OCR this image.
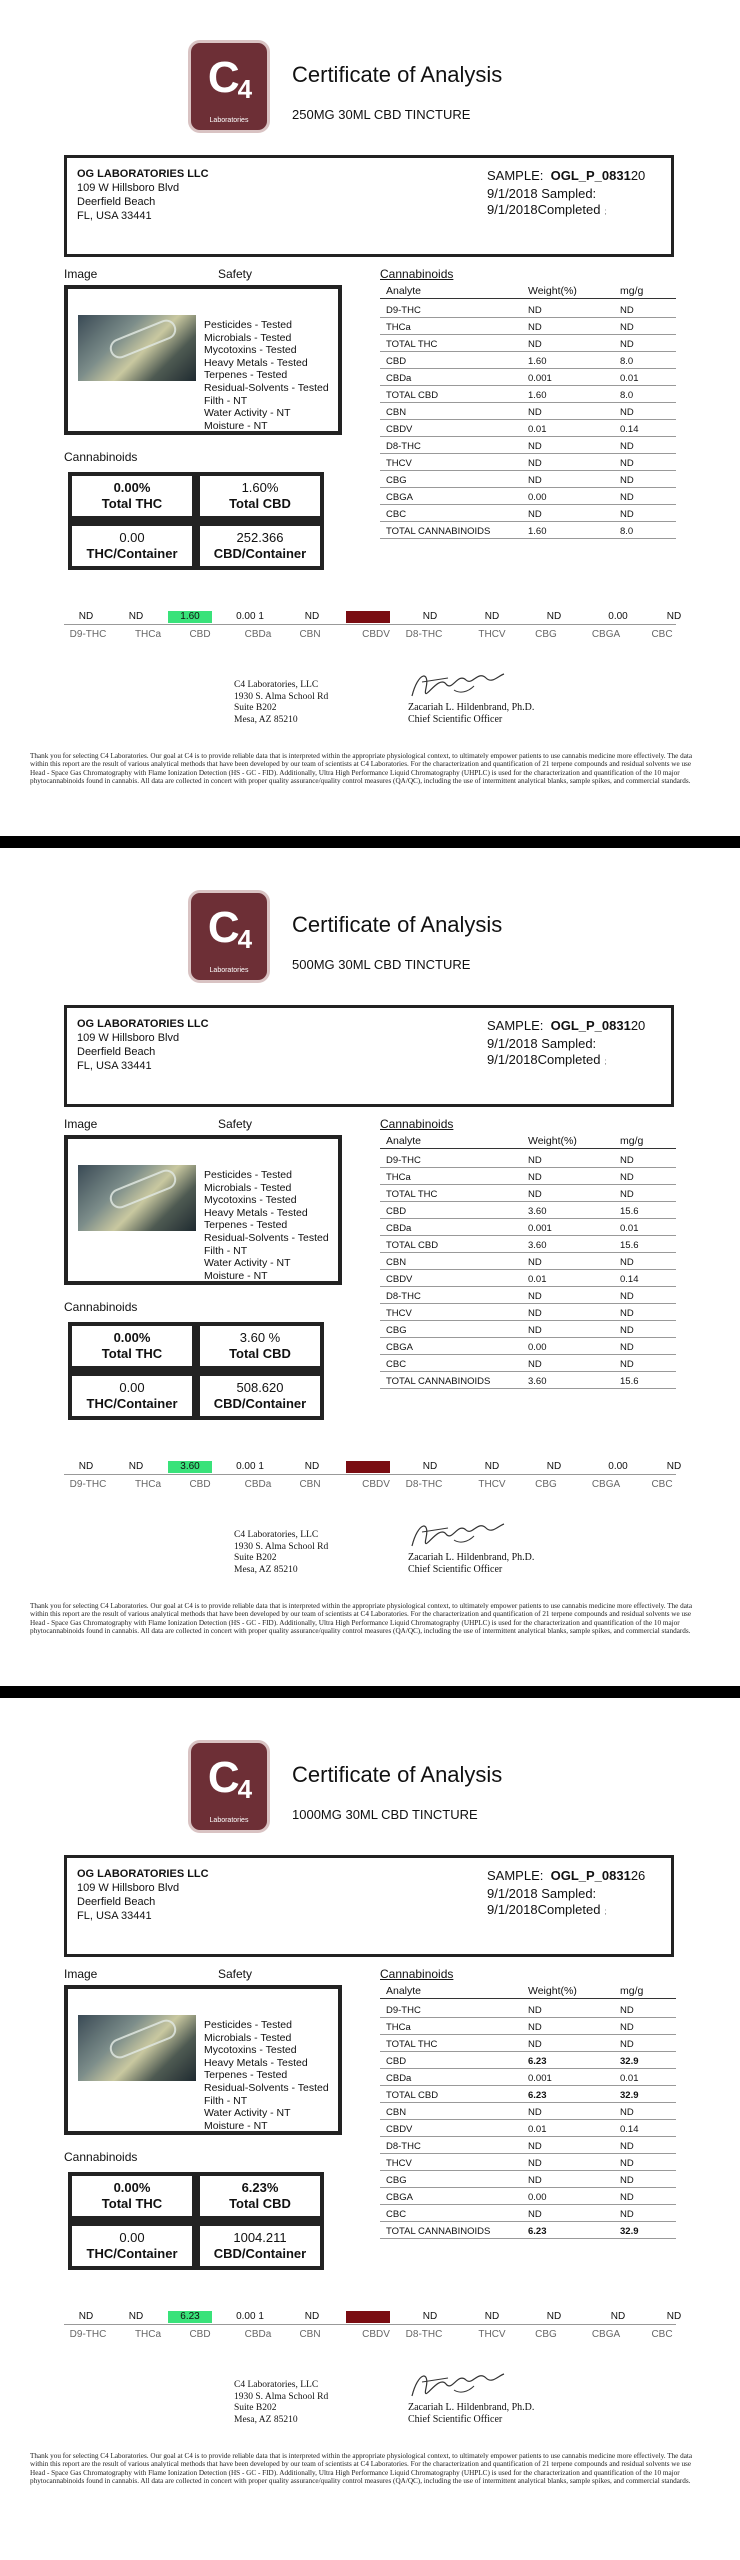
$C_4$
Laboratories
Certificate of Analysis
250MG 30ML CBD TINCTURE
OG LABORATORIES LLC
109 W Hillsboro Blvd
Deerfield Beach
FL, USA 33441
SAMPLE: OGL_P_083120
9/1/2018 Sampled:
9/1/2018Completed ;
Image	Safety	Cannabinoids
Pesticides - Tested
Microbials - Tested
Mycotoxins - Tested
Heavy Metals - Tested
Terpenes - Tested
Residual-Solvents - Tested
Filth - NT
Water Activity - NT
Moisture - NT
Cannabinoids
0.00%
Total THC
1.60%
Total CBD
0.00
THC/Container
252.366
CBD/Container
Analyte	Weight(%)	mg/g
D9-THC	ND	ND
THCa	ND	ND
TOTAL THC	ND	ND
CBD	1.60	8.0
CBDa	0.001	0.01
TOTAL CBD	1.60	8.0
CBN	ND	ND
CBDV	0.01	0.14
D8-THC	ND	ND
THCV	ND	ND
CBG	ND	ND
CBGA	0.00	ND
CBC	ND	ND
TOTAL CANNABINOIDS	1.60	8.0
ND	ND	1.60	0.00 1	ND	ND	ND	ND	0.00	ND
D9-THC	THCa	CBD	CBDa	CBN	CBDV	D8-THC	THCV	CBG	CBGA	CBC
C4 Laboratories, LLC
1930 S. Alma School Rd
Suite B202
Mesa, AZ 85210
Zacariah L. Hildenbrand, Ph.D.
Chief Scientific Officer
Thank you for selecting C4 Laboratories. Our goal at C4 is to provide reliable data that is interpreted within the appropriate physiological context, to ultimately empower patients to use cannabis medicine more effectively. The data within this report are the result of various analytical methods that have been developed by our team of scientists at C4 Laboratories. For the characterization and quantification of 21 terpene compounds and residual solvents we use Head - Space Gas Chromatography with Flame Ionization Detection (HS - GC - FID). Additionally, Ultra High Performance Liquid Chromatography (UHPLC) is used for the characterization and quantification of the 10 major phytocannabinoids found in cannabis. All data are collected in concert with proper quality assurance/quality control measures (QA/QC), including the use of intermittent analytical blanks, sample spikes, and commercial standards.
$C_4$
Laboratories
Certificate of Analysis
500MG 30ML CBD TINCTURE
OG LABORATORIES LLC
109 W Hillsboro Blvd
Deerfield Beach
FL, USA 33441
SAMPLE: OGL_P_083120
9/1/2018 Sampled:
9/1/2018Completed ;
Image	Safety	Cannabinoids
Pesticides - Tested
Microbials - Tested
Mycotoxins - Tested
Heavy Metals - Tested
Terpenes - Tested
Residual-Solvents - Tested
Filth - NT
Water Activity - NT
Moisture - NT
Cannabinoids
0.00%
Total THC
3.60 %
Total CBD
0.00
THC/Container
508.620
CBD/Container
Analyte	Weight(%)	mg/g
D9-THC	ND	ND
THCa	ND	ND
TOTAL THC	ND	ND
CBD	3.60	15.6
CBDa	0.001	0.01
TOTAL CBD	3.60	15.6
CBN	ND	ND
CBDV	0.01	0.14
D8-THC	ND	ND
THCV	ND	ND
CBG	ND	ND
CBGA	0.00	ND
CBC	ND	ND
TOTAL CANNABINOIDS	3.60	15.6
ND	ND	3.60	0.00 1	ND	ND	ND	ND	0.00	ND
D9-THC	THCa	CBD	CBDa	CBN	CBDV	D8-THC	THCV	CBG	CBGA	CBC
C4 Laboratories, LLC
1930 S. Alma School Rd
Suite B202
Mesa, AZ 85210
Zacariah L. Hildenbrand, Ph.D.
Chief Scientific Officer
Thank you for selecting C4 Laboratories. Our goal at C4 is to provide reliable data that is interpreted within the appropriate physiological context, to ultimately empower patients to use cannabis medicine more effectively. The data within this report are the result of various analytical methods that have been developed by our team of scientists at C4 Laboratories. For the characterization and quantification of 21 terpene compounds and residual solvents we use Head - Space Gas Chromatography with Flame Ionization Detection (HS - GC - FID). Additionally, Ultra High Performance Liquid Chromatography (UHPLC) is used for the characterization and quantification of the 10 major phytocannabinoids found in cannabis. All data are collected in concert with proper quality assurance/quality control measures (QA/QC), including the use of intermittent analytical blanks, sample spikes, and commercial standards.
$C_4$
Laboratories
Certificate of Analysis
1000MG 30ML CBD TINCTURE
OG LABORATORIES LLC
109 W Hillsboro Blvd
Deerfield Beach
FL, USA 33441
SAMPLE: OGL_P_083126
9/1/2018 Sampled:
9/1/2018Completed ;
Image	Safety	Cannabinoids
Pesticides - Tested
Microbials - Tested
Mycotoxins - Tested
Heavy Metals - Tested
Terpenes - Tested
Residual-Solvents - Tested
Filth - NT
Water Activity - NT
Moisture - NT
Cannabinoids
0.00%
Total THC
6.23%
Total CBD
0.00
THC/Container
1004.211
CBD/Container
Analyte	Weight(%)	mg/g
D9-THC	ND	ND
THCa	ND	ND
TOTAL THC	ND	ND
CBD	6.23	32.9
CBDa	0.001	0.01
TOTAL CBD	6.23	32.9
CBN	ND	ND
CBDV	0.01	0.14
D8-THC	ND	ND
THCV	ND	ND
CBG	ND	ND
CBGA	0.00	ND
CBC	ND	ND
TOTAL CANNABINOIDS	6.23	32.9
ND	ND	6.23	0.00 1	ND	ND	ND	ND	ND	ND
D9-THC	THCa	CBD	CBDa	CBN	CBDV	D8-THC	THCV	CBG	CBGA	CBC
C4 Laboratories, LLC
1930 S. Alma School Rd
Suite B202
Mesa, AZ 85210
Zacariah L. Hildenbrand, Ph.D.
Chief Scientific Officer
Thank you for selecting C4 Laboratories. Our goal at C4 is to provide reliable data that is interpreted within the appropriate physiological context, to ultimately empower patients to use cannabis medicine more effectively. The data within this report are the result of various analytical methods that have been developed by our team of scientists at C4 Laboratories. For the characterization and quantification of 21 terpene compounds and residual solvents we use Head - Space Gas Chromatography with Flame Ionization Detection (HS - GC - FID). Additionally, Ultra High Performance Liquid Chromatography (UHPLC) is used for the characterization and quantification of the 10 major phytocannabinoids found in cannabis. All data are collected in concert with proper quality assurance/quality control measures (QA/QC), including the use of intermittent analytical blanks, sample spikes, and commercial standards.
